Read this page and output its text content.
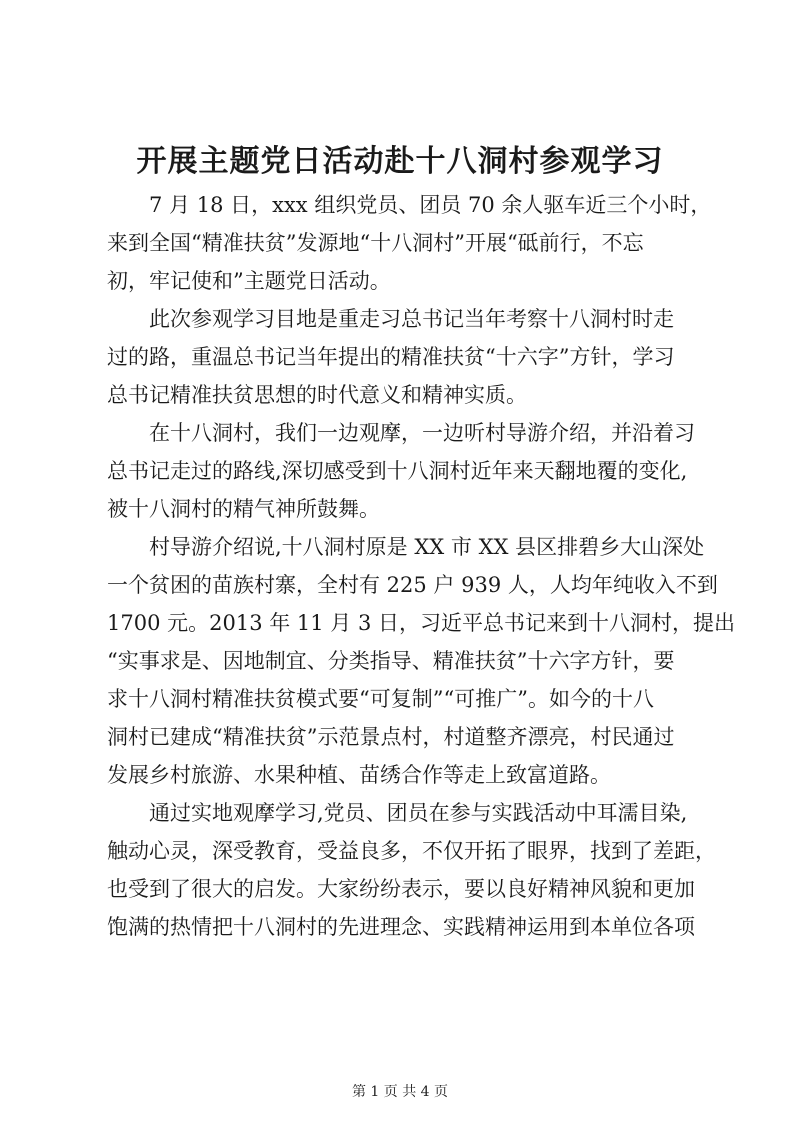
开展主题党日活动赴十八洞村参观学习

7 月 18 日，xxx 组织党员、团员 70 余人驱车近三个小时，
来到全国“精准扶贫”发源地“十八洞村”开展“砥前行，不忘
初，牢记使和”主题党日活动。

此次参观学习目地是重走习总书记当年考察十八洞村时走
过的路，重温总书记当年提出的精准扶贫“十六字”方针，学习
总书记精准扶贫思想的时代意义和精神实质。

在十八洞村，我们一边观摩，一边听村导游介绍，并沿着习
总书记走过的路线,深切感受到十八洞村近年来天翻地覆的变化,
被十八洞村的精气神所鼓舞。

村导游介绍说,十八洞村原是 XX 市 XX 县区排碧乡大山深处
一个贫困的苗族村寨，全村有 225 户 939 人，人均年纯收入不到
1700 元。2013 年 11 月 3 日，习近平总书记来到十八洞村，提出
“实事求是、因地制宜、分类指导、精准扶贫”十六字方针，要
求十八洞村精准扶贫模式要“可复制”“可推广”。如今的十八
洞村已建成“精准扶贫”示范景点村，村道整齐漂亮，村民通过
发展乡村旅游、水果种植、苗绣合作等走上致富道路。

通过实地观摩学习,党员、团员在参与实践活动中耳濡目染,
触动心灵，深受教育，受益良多，不仅开拓了眼界，找到了差距，
也受到了很大的启发。大家纷纷表示，要以良好精神风貌和更加
饱满的热情把十八洞村的先进理念、实践精神运用到本单位各项

第 1 页 共 4 页
